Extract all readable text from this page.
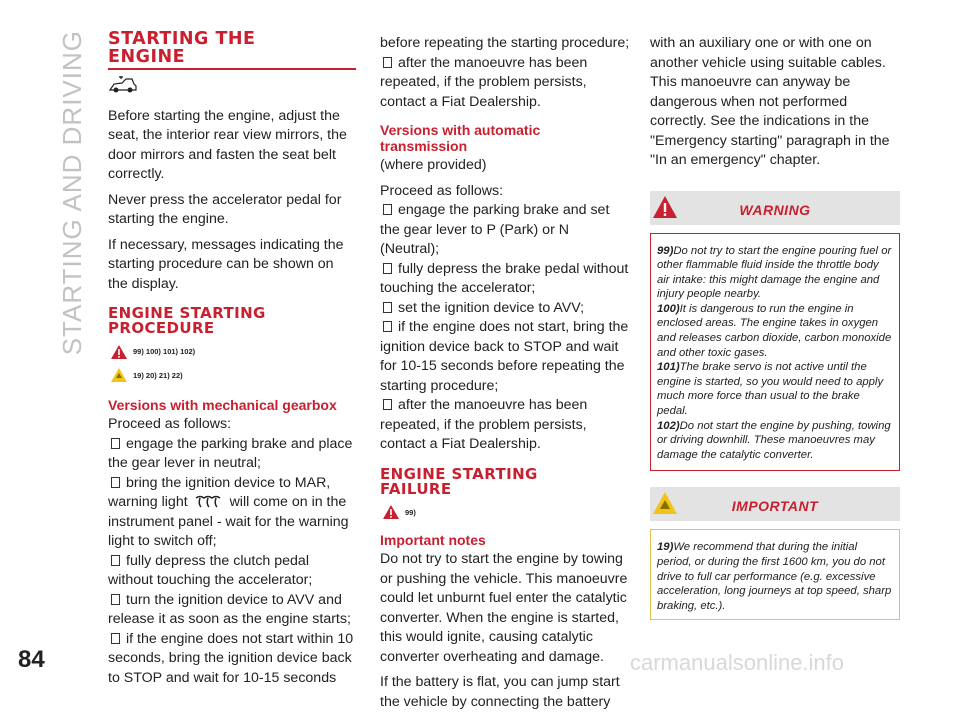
STARTING AND DRIVING
84	carmanualsonline.info
STARTING THE
ENGINE

Before starting the engine, adjust the seat, the interior rear view mirrors, the door mirrors and fasten the seat belt correctly.

Never press the accelerator pedal for starting the engine.

If necessary, messages indicating the starting procedure can be shown on the display.

ENGINE STARTING
PROCEDURE
99) 100) 101) 102)
19) 20) 21) 22)
Versions with mechanical gearbox

Proceed as follows:

engage the parking brake and place the gear lever in neutral;
bring the ignition device to MAR, warning light	will come on in the instrument panel - wait for the warning light to switch off;
fully depress the clutch pedal without touching the accelerator;
turn the ignition device to AVV and release it as soon as the engine starts;
if the engine does not start within 10 seconds, bring the ignition device back to STOP and wait for 10-15 seconds
before repeating the starting procedure;
after the manoeuvre has been repeated, if the problem persists, contact a Fiat Dealership.
Versions with automatic transmission

(where provided)

Proceed as follows:

engage the parking brake and set the gear lever to P (Park) or N (Neutral);
fully depress the brake pedal without touching the accelerator;
set the ignition device to AVV;
if the engine does not start, bring the ignition device back to STOP and wait for 10-15 seconds before repeating the starting procedure;
after the manoeuvre has been repeated, if the problem persists, contact a Fiat Dealership.
ENGINE STARTING
FAILURE
99)
Important notes

Do not try to start the engine by towing or pushing the vehicle. This manoeuvre could let unburnt fuel enter the catalytic converter. When the engine is started, this would ignite, causing catalytic converter overheating and damage.

If the battery is flat, you can jump start the vehicle by connecting the battery

with an auxiliary one or with one on another vehicle using suitable cables. This manoeuvre can anyway be dangerous when not performed correctly. See the indications in the "Emergency starting" paragraph in the "In an emergency" chapter.

WARNING
99)Do not try to start the engine pouring fuel or other flammable fluid inside the throttle body air intake: this might damage the engine and injury people nearby.
100)It is dangerous to run the engine in enclosed areas. The engine takes in oxygen and releases carbon dioxide, carbon monoxide and other toxic gases.
101)The brake servo is not active until the engine is started, so you would need to apply much more force than usual to the brake pedal.
102)Do not start the engine by pushing, towing or driving downhill. These manoeuvres may damage the catalytic converter.
IMPORTANT
19)We recommend that during the initial period, or during the first 1600 km, you do not drive to full car performance (e.g. excessive acceleration, long journeys at top speed, sharp braking, etc.).
